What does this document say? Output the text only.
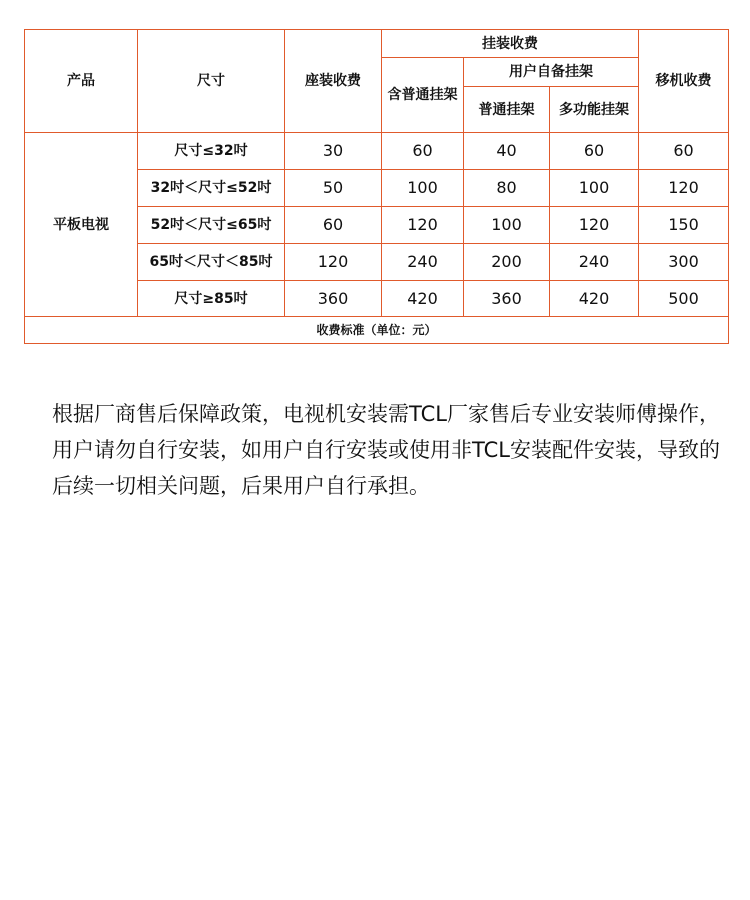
产品	尺寸	座装收费	挂装收费			移机收费
			含普通挂架	用户自备挂架		
				普通挂架	多功能挂架	
平板电视	尺寸≤32吋	30	60	40	60	60
	32吋＜尺寸≤52吋	50	100	80	100	120
	52吋＜尺寸≤65吋	60	120	100	120	150
	65吋＜尺寸＜85吋	120	240	200	240	300
	尺寸≥85吋	360	420	360	420	500
收费标准（单位：元）						

根据厂商售后保障政策，电视机安装需TCL厂家售后专业安装师傅操作，用户请勿自行安装，如用户自行安装或使用非TCL安装配件安装，导致的后续一切相关问题，后果用户自行承担。
